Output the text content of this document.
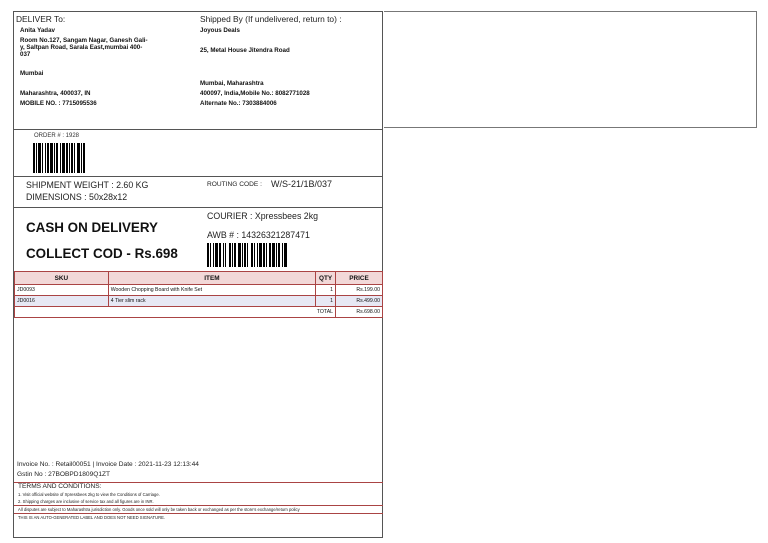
DELIVER To:
Anita Yadav
Room No.127, Sangam Nagar, Ganesh Gali-
y, Saltpan Road, Sarala East,mumbai 400-
037
Mumbai
Maharashtra, 400037, IN
MOBILE NO. : 7715095536
Shipped By (If undelivered, return to) :
Joyous Deals
25, Metal House Jitendra Road
Mumbai, Maharashtra
400097, India,Mobile No.: 8082771028
Alternate No.: 7303884006
ORDER # : 1928
SHIPMENT WEIGHT : 2.60 KG
DIMENSIONS : 50x28x12
ROUTING CODE : W/S-21/1B/037
CASH ON DELIVERY
COLLECT COD - Rs.698
COURIER : Xpressbees 2kg
AWB # : 14326321287471
SKU	ITEM	QTY	PRICE
JD0093	Wooden Chopping Board with Knife Set	1	Rs.199.00
JD0016	4 Tier slim rack	1	Rs.499.00
TOTAL			Rs.698.00
Invoice No. : Retail00051 | Invoice Date : 2021-11-23 12:13:44
Gstin No : 27BOBPD1809Q1ZT
TERMS AND CONDITIONS:
1. Visit official website of Xpressbees 2kg to view the Conditions of Carriage.
2. Shipping charges are inclusive of service tax and all figures are in INR.
All disputes are subject to Maharashtra jurisdiction only. Goods once sold will only be taken back or exchanged as per the store's exchange/return policy
THIS IS AN AUTO-GENERATED LABEL AND DOES NOT NEED SIGNATURE.
